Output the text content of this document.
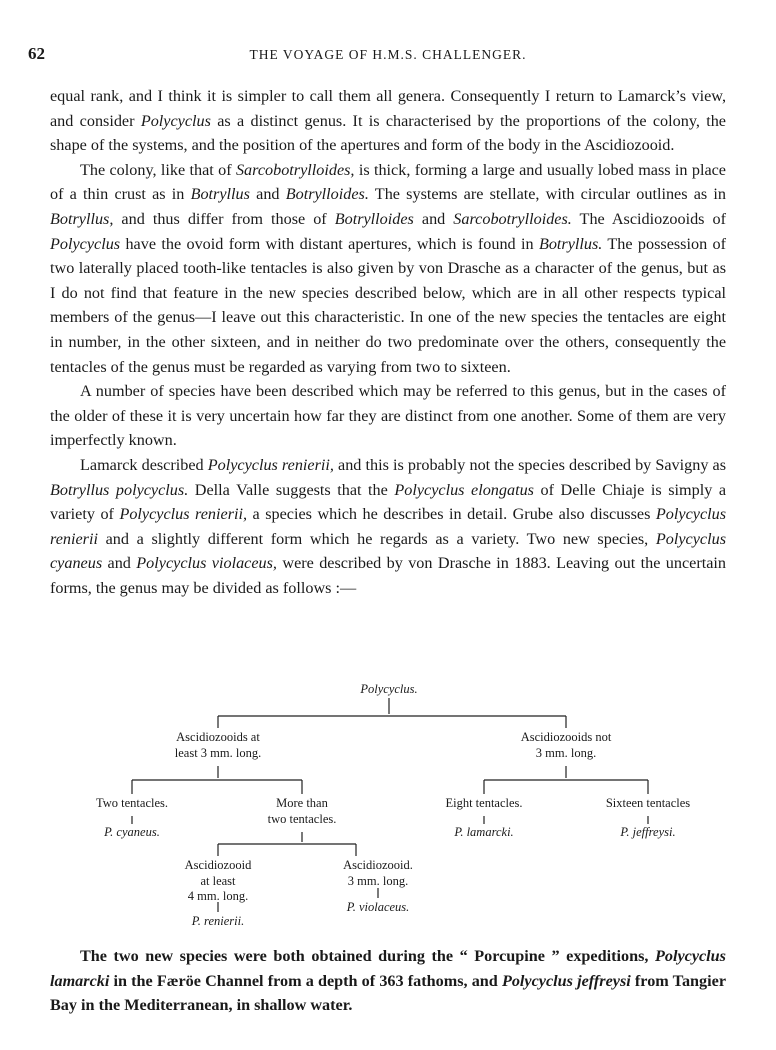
62	THE VOYAGE OF H.M.S. CHALLENGER.

equal rank, and I think it is simpler to call them all genera. Consequently I return to Lamarck’s view, and consider Polycyclus as a distinct genus. It is characterised by the proportions of the colony, the shape of the systems, and the position of the apertures and form of the body in the Ascidiozooid.

The colony, like that of Sarcobotrylloides, is thick, forming a large and usually lobed mass in place of a thin crust as in Botryllus and Botrylloides. The systems are stellate, with circular outlines as in Botryllus, and thus differ from those of Botrylloides and Sarcobotrylloides. The Ascidiozooids of Polycyclus have the ovoid form with distant apertures, which is found in Botryllus. The possession of two laterally placed tooth-like tentacles is also given by von Drasche as a character of the genus, but as I do not find that feature in the new species described below, which are in all other respects typical members of the genus—I leave out this characteristic. In one of the new species the tentacles are eight in number, in the other sixteen, and in neither do two predominate over the others, consequently the tentacles of the genus must be regarded as varying from two to sixteen.

A number of species have been described which may be referred to this genus, but in the cases of the older of these it is very uncertain how far they are distinct from one another. Some of them are very imperfectly known.

Lamarck described Polycyclus renierii, and this is probably not the species described by Savigny as Botryllus polycyclus. Della Valle suggests that the Polycyclus elongatus of Delle Chiaje is simply a variety of Polycyclus renierii, a species which he describes in detail. Grube also discusses Polycyclus renierii and a slightly different form which he regards as a variety. Two new species, Polycyclus cyaneus and Polycyclus violaceus, were described by von Drasche in 1883. Leaving out the uncertain forms, the genus may be divided as follows :—

Polycyclus.
Ascidiozooids at
least 3 mm. long.
Ascidiozooids not
3 mm. long.
Two tentacles.	More than
two tentacles.
Eight tentacles.	Sixteen tentacles
P. cyaneus.	P. lamarcki.	P. jeffreysi.
Ascidiozooid
at least
4 mm. long.
Ascidiozooid.
3 mm. long.
P. renierii.
P. violaceus.

The two new species were both obtained during the “ Porcupine ” expeditions, Polycyclus lamarcki in the Færöe Channel from a depth of 363 fathoms, and Polycyclus jeffreysi from Tangier Bay in the Mediterranean, in shallow water.
